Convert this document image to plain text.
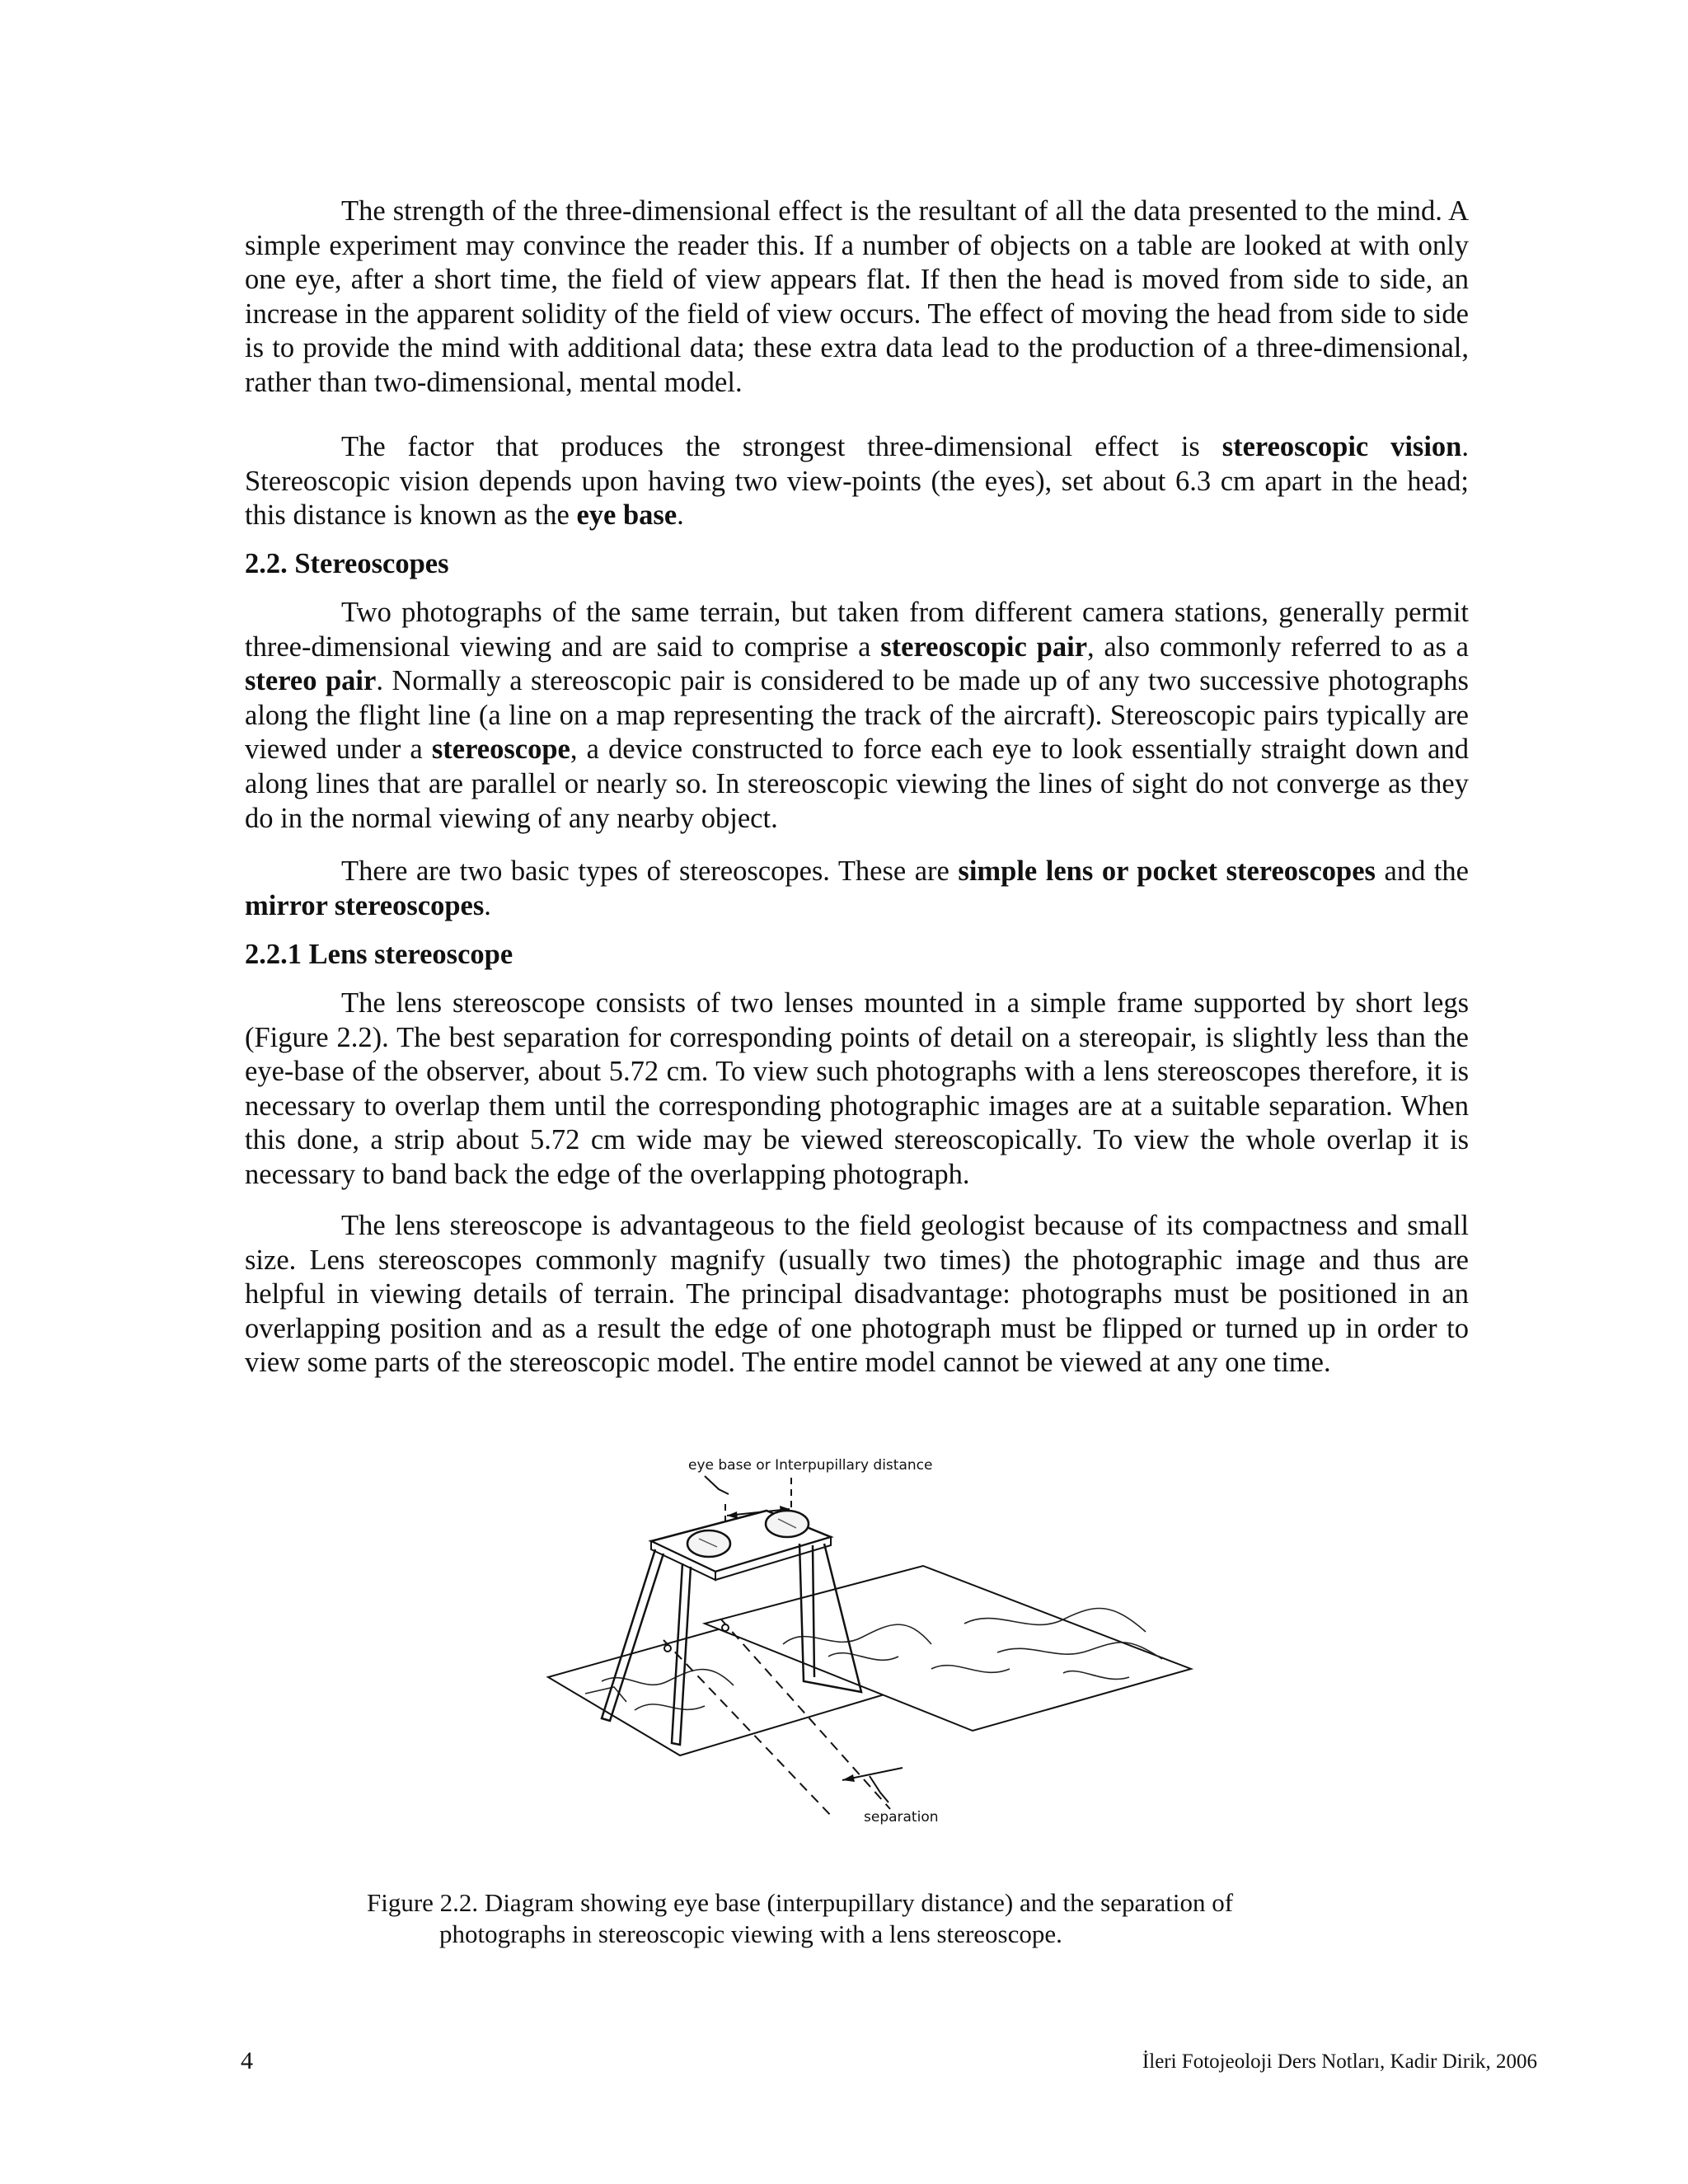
The strength of the three-dimensional effect is the resultant of all the data presented to the mind. A simple experiment may convince the reader this. If a number of objects on a table are looked at with only one eye, after a short time, the field of view appears flat. If then the head is moved from side to side, an increase in the apparent solidity of the field of view occurs. The effect of moving the head from side to side is to provide the mind with additional data; these extra data lead to the production of a three-dimensional, rather than two-dimensional, mental model.

The factor that produces the strongest three-dimensional effect is stereoscopic vision. Stereoscopic vision depends upon having two view-points (the eyes), set about 6.3 cm apart in the head; this distance is known as the eye base.

2.2. Stereoscopes

Two photographs of the same terrain, but taken from different camera stations, generally permit three-dimensional viewing and are said to comprise a stereoscopic pair, also commonly referred to as a stereo pair. Normally a stereoscopic pair is considered to be made up of any two successive photographs along the flight line (a line on a map representing the track of the aircraft). Stereoscopic pairs typically are viewed under a stereoscope, a device constructed to force each eye to look essentially straight down and along lines that are parallel or nearly so. In stereoscopic viewing the lines of sight do not converge as they do in the normal viewing of any nearby object.

There are two basic types of stereoscopes. These are simple lens or pocket stereoscopes and the mirror stereoscopes.

2.2.1 Lens stereoscope

The lens stereoscope consists of two lenses mounted in a simple frame supported by short legs (Figure 2.2). The best separation for corresponding points of detail on a stereopair, is slightly less than the eye-base of the observer, about 5.72 cm. To view such photographs with a lens stereoscopes therefore, it is necessary to overlap them until the corresponding photographic images are at a suitable separation. When this done, a strip about 5.72 cm wide may be viewed stereoscopically. To view the whole overlap it is necessary to band back the edge of the overlapping photograph.

The lens stereoscope is advantageous to the field geologist because of its compactness and small size. Lens stereoscopes commonly magnify (usually two times) the photographic image and thus are helpful in viewing details of terrain. The principal disadvantage: photographs must be positioned in an overlapping position and as a result the edge of one photograph must be flipped or turned up in order to view some parts of the stereoscopic model. The entire model cannot be viewed at any one time.

eye base or Interpupillary distance
separation

Figure 2.2. Diagram showing eye base (interpupillary distance) and the separation of
photographs in stereoscopic viewing with a lens stereoscope.

4	İleri Fotojeoloji Ders Notları, Kadir Dirik, 2006
